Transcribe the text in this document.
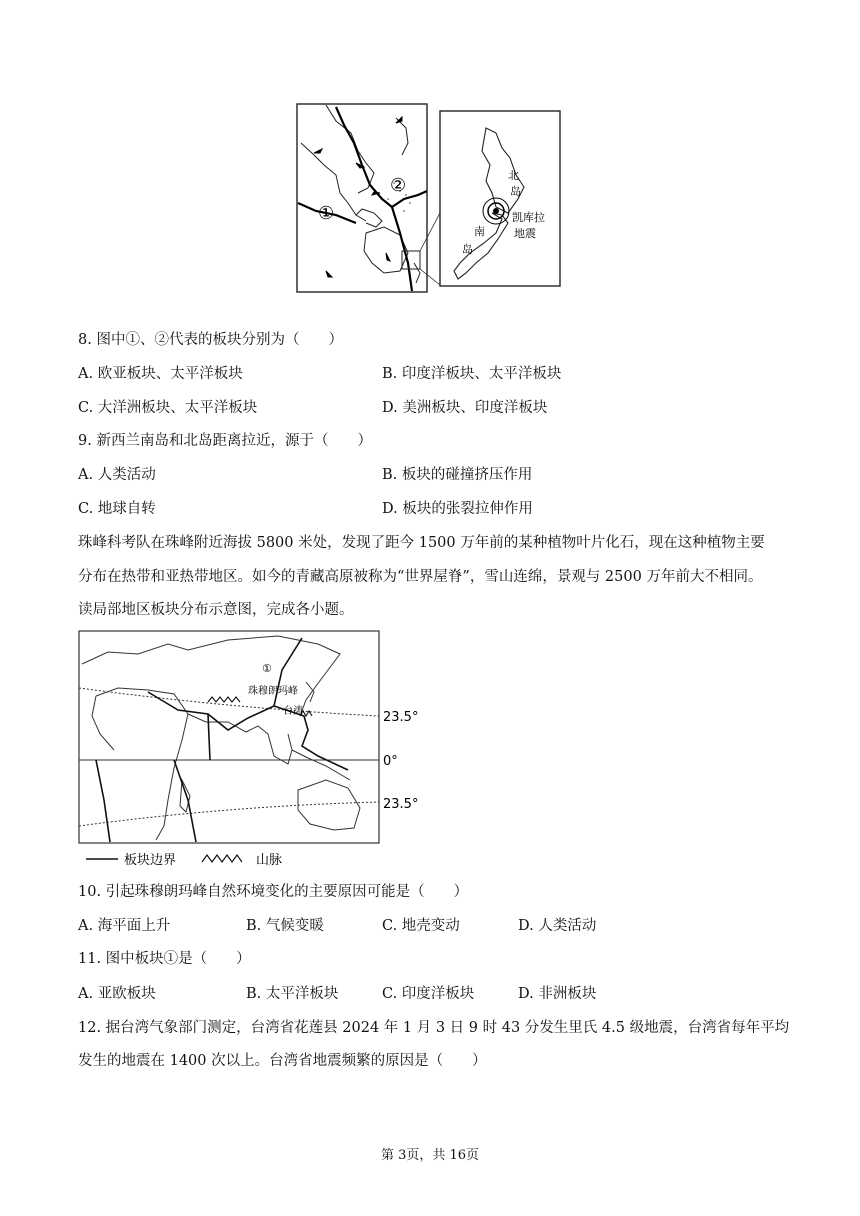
①
②	北
岛
南
岛
凯库拉
地震
8. 图中①、②代表的板块分别为（　　）
A. 欧亚板块、太平洋板块	B. 印度洋板块、太平洋板块
C. 大洋洲板块、太平洋板块	D. 美洲板块、印度洋板块
9. 新西兰南岛和北岛距离拉近，源于（　　）
A. 人类活动	B. 板块的碰撞挤压作用
C. 地球自转	D. 板块的张裂拉伸作用
珠峰科考队在珠峰附近海拔 5800 米处，发现了距今 1500 万年前的某种植物叶片化石，现在这种植物主要
分布在热带和亚热带地区。如今的青藏高原被称为“世界屋脊”，雪山连绵，景观与 2500 万年前大不相同。
读局部地区板块分布示意图，完成各小题。
①
珠穆朗玛峰
台湾	23.5°
0°
23.5°
板块边界	山脉
10. 引起珠穆朗玛峰自然环境变化的主要原因可能是（　　）
A. 海平面上升	B. 气候变暖	C. 地壳变动	D. 人类活动
11. 图中板块①是（　　）
A. 亚欧板块	B. 太平洋板块	C. 印度洋板块	D. 非洲板块
12. 据台湾气象部门测定，台湾省花莲县 2024 年 1 月 3 日 9 时 43 分发生里氏 4.5 级地震，台湾省每年平均
发生的地震在 1400 次以上。台湾省地震频繁的原因是（　　）
第 3页，共 16页
